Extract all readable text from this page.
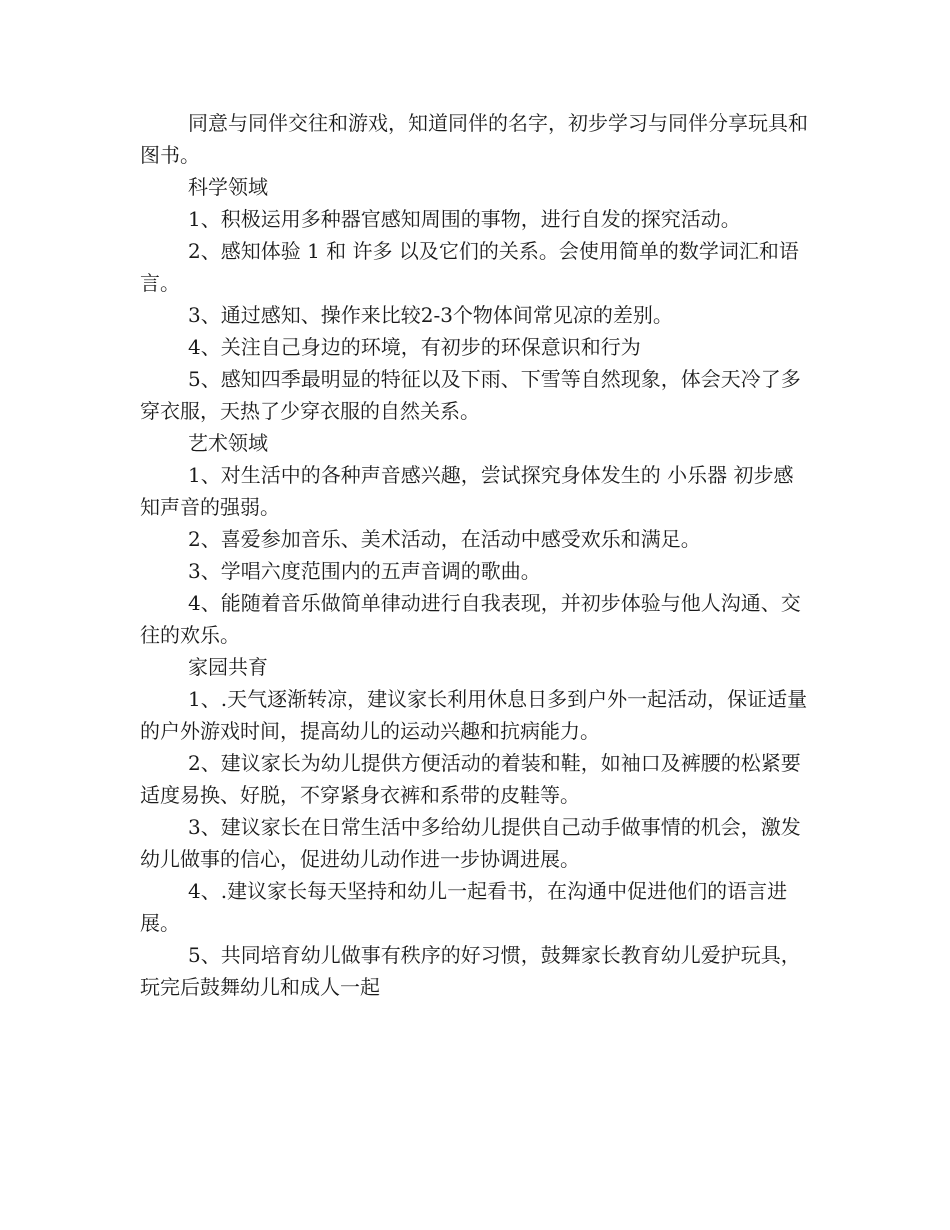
同意与同伴交往和游戏，知道同伴的名字，初步学习与同伴分享玩具和图书。

科学领域

1、积极运用多种器官感知周围的事物，进行自发的探究活动。

2、感知体验 1 和 许多 以及它们的关系。会使用简单的数学词汇和语言。

3、通过感知、操作来比较2-3个物体间常见凉的差别。

4、关注自己身边的环境，有初步的环保意识和行为

5、感知四季最明显的特征以及下雨、下雪等自然现象，体会天冷了多穿衣服，天热了少穿衣服的自然关系。

艺术领域

1、对生活中的各种声音感兴趣，尝试探究身体发生的 小乐器 初步感知声音的强弱。

2、喜爱参加音乐、美术活动，在活动中感受欢乐和满足。

3、学唱六度范围内的五声音调的歌曲。

4、能随着音乐做简单律动进行自我表现，并初步体验与他人沟通、交往的欢乐。

家园共育

1、.天气逐渐转凉，建议家长利用休息日多到户外一起活动，保证适量的户外游戏时间，提高幼儿的运动兴趣和抗病能力。

2、建议家长为幼儿提供方便活动的着装和鞋，如袖口及裤腰的松紧要适度易换、好脱，不穿紧身衣裤和系带的皮鞋等。

3、建议家长在日常生活中多给幼儿提供自己动手做事情的机会，激发幼儿做事的信心，促进幼儿动作进一步协调进展。

4、.建议家长每天坚持和幼儿一起看书，在沟通中促进他们的语言进展。

5、共同培育幼儿做事有秩序的好习惯，鼓舞家长教育幼儿爱护玩具，玩完后鼓舞幼儿和成人一起
